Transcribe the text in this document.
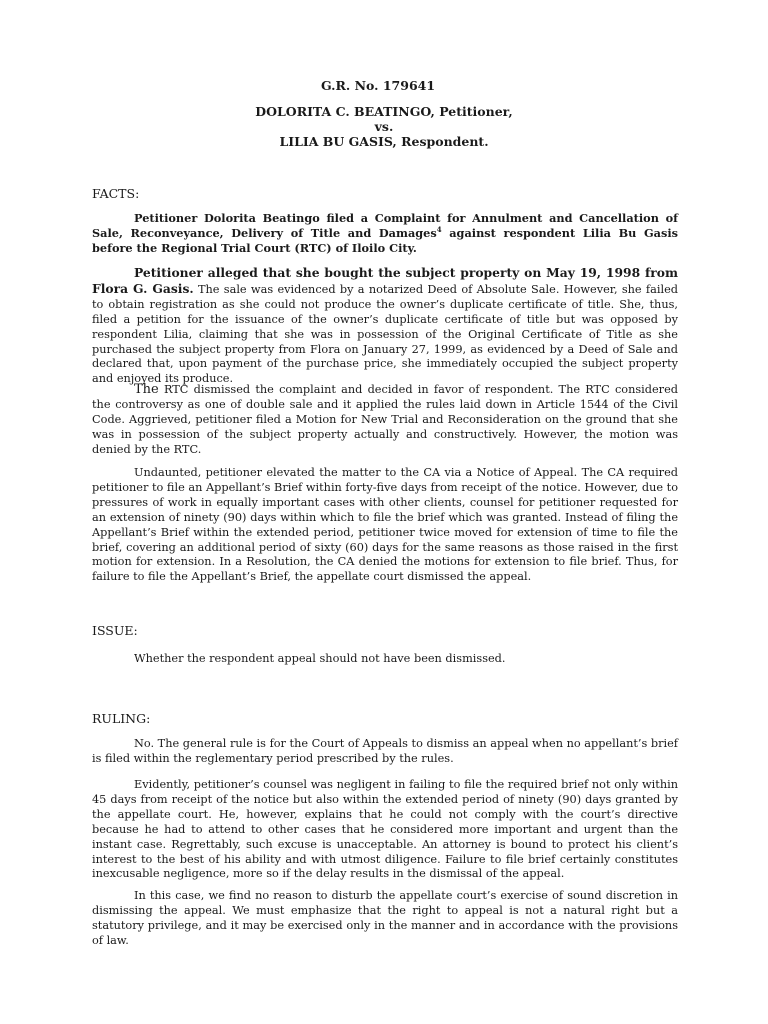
G.R. No. 179641
DOLORITA C. BEATINGO, Petitioner,
vs.
LILIA BU GASIS, Respondent.
FACTS:

Petitioner Dolorita Beatingo filed a Complaint for Annulment and Cancellation of Sale, Reconveyance, Delivery of Title and Damages$^4$ against respondent Lilia Bu Gasis before the Regional Trial Court (RTC) of Iloilo City.

Petitioner alleged that she bought the subject property on May 19, 1998 from Flora G. Gasis. The sale was evidenced by a notarized Deed of Absolute Sale. However, she failed to obtain registration as she could not produce the owner’s duplicate certificate of title. She, thus, filed a petition for the issuance of the owner’s duplicate certificate of title but was opposed by respondent Lilia, claiming that she was in possession of the Original Certificate of Title as she purchased the subject property from Flora on January 27, 1999, as evidenced by a Deed of Sale and declared that, upon payment of the purchase price, she immediately occupied the subject property and enjoyed its produce.

The RTC dismissed the complaint and decided in favor of respondent. The RTC considered the controversy as one of double sale and it applied the rules laid down in Article 1544 of the Civil Code. Aggrieved, petitioner filed a Motion for New Trial and Reconsideration on the ground that she was in possession of the subject property actually and constructively. However, the motion was denied by the RTC.

Undaunted, petitioner elevated the matter to the CA via a Notice of Appeal. The CA required petitioner to file an Appellant’s Brief within forty-five days from receipt of the notice. However, due to pressures of work in equally important cases with other clients, counsel for petitioner requested for an extension of ninety (90) days within which to file the brief which was granted. Instead of filing the Appellant’s Brief within the extended period, petitioner twice moved for extension of time to file the brief, covering an additional period of sixty (60) days for the same reasons as those raised in the first motion for extension. In a Resolution, the CA denied the motions for extension to file brief. Thus, for failure to file the Appellant’s Brief, the appellate court dismissed the appeal.

ISSUE:

Whether the respondent appeal should not have been dismissed.

RULING:

No. The general rule is for the Court of Appeals to dismiss an appeal when no appellant’s brief is filed within the reglementary period prescribed by the rules.

Evidently, petitioner’s counsel was negligent in failing to file the required brief not only within 45 days from receipt of the notice but also within the extended period of ninety (90) days granted by the appellate court. He, however, explains that he could not comply with the court’s directive because he had to attend to other cases that he considered more important and urgent than the instant case. Regrettably, such excuse is unacceptable. An attorney is bound to protect his client’s interest to the best of his ability and with utmost diligence. Failure to file brief certainly constitutes inexcusable negligence, more so if the delay results in the dismissal of the appeal.

In this case, we find no reason to disturb the appellate court’s exercise of sound discretion in dismissing the appeal. We must emphasize that the right to appeal is not a natural right but a statutory privilege, and it may be exercised only in the manner and in accordance with the provisions of law.
